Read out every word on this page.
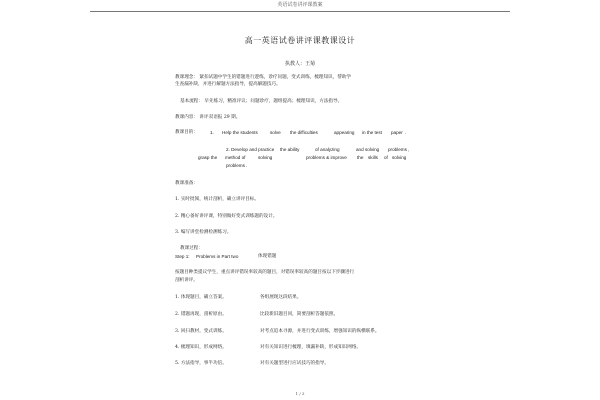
英语试卷讲评课教案
高一英语试卷讲评课教课设计
执教人：王菊
教课理念： 紧扣试题中学生的错题进行逻练，诊疗问题，变式训练，梳理知识，帮助学
生查漏补缺，并进行解题方法指导，提高解题技巧。
基本流程： 早先练习，精准评议；问题诊疗，题组提高；梳理知识，方法指导。
教课内容： 讲评双语报 29 期。
教课目的：	1. Help the students	solve the difficulties	appearing in the test paper .
2. Develop and practice the ability	of analyzing	and solving problems ,
grasp the method of	solving	problems & improve the skills of solving
problems .
教课准备：
1. 实时批阅，统计剖析，确立讲评目标。
2. 精心备好讲评课，特别做好变式训练题的设计。
3. 编写讲堂检测检测练习。
教课过程：
Step 1: Problems in Part two	体现错题
按题目种类提议学生，重点讲评错误率较高的题目，对错误率较高的题目按以下步骤进行
剖析讲评。
1. 体现题目，确立答案。	各组展现这段结果。
2. 错题再现，剖析原由。	比较新旧题目同，简要剖析答题依照。
3. 回扫教材，变式训练。	对考点追本寻源，并进行变式训练，增强知识的纵横联系。
4. 梳理知识，形成网络。	对有关知识进行梳理，填漏补缺，形成知识网络。
5. 方法指导，事半功倍。	对有关题型进行应试技巧的指导。
1 / 3
